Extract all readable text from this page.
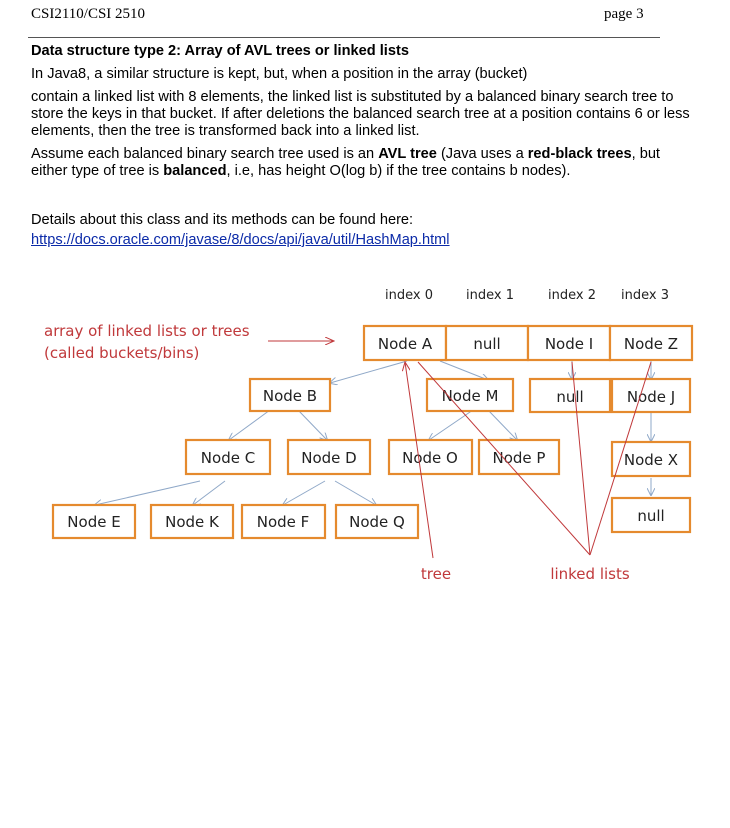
CSI2110/CSI 2510	page 3
Data structure type 2: Array of AVL trees or linked lists
In Java8, a similar structure is kept, but, when a position in the array (bucket)
contain a linked list with 8 elements, the linked list is substituted by a balanced binary search tree to store the keys in that bucket. If after deletions the balanced search tree at a position contains 6 or less elements, then the tree is transformed back into a linked list.
Assume each balanced binary search tree used is an AVL tree (Java uses a red-black trees, but either type of tree is balanced, i.e, has height O(log b) if the tree contains b nodes).
Details about this class and its methods can be found here:
https://docs.oracle.com/javase/8/docs/api/java/util/HashMap.html
index 0	index 1	index 2 index 3
array of linked lists or trees
(called buckets/bins)	Node A	null	Node I Node Z
Node B	Node M	null	Node J
Node C	Node D	Node O Node P	Node X
Node E	Node K	Node F	Node Q	null
tree	linked lists
